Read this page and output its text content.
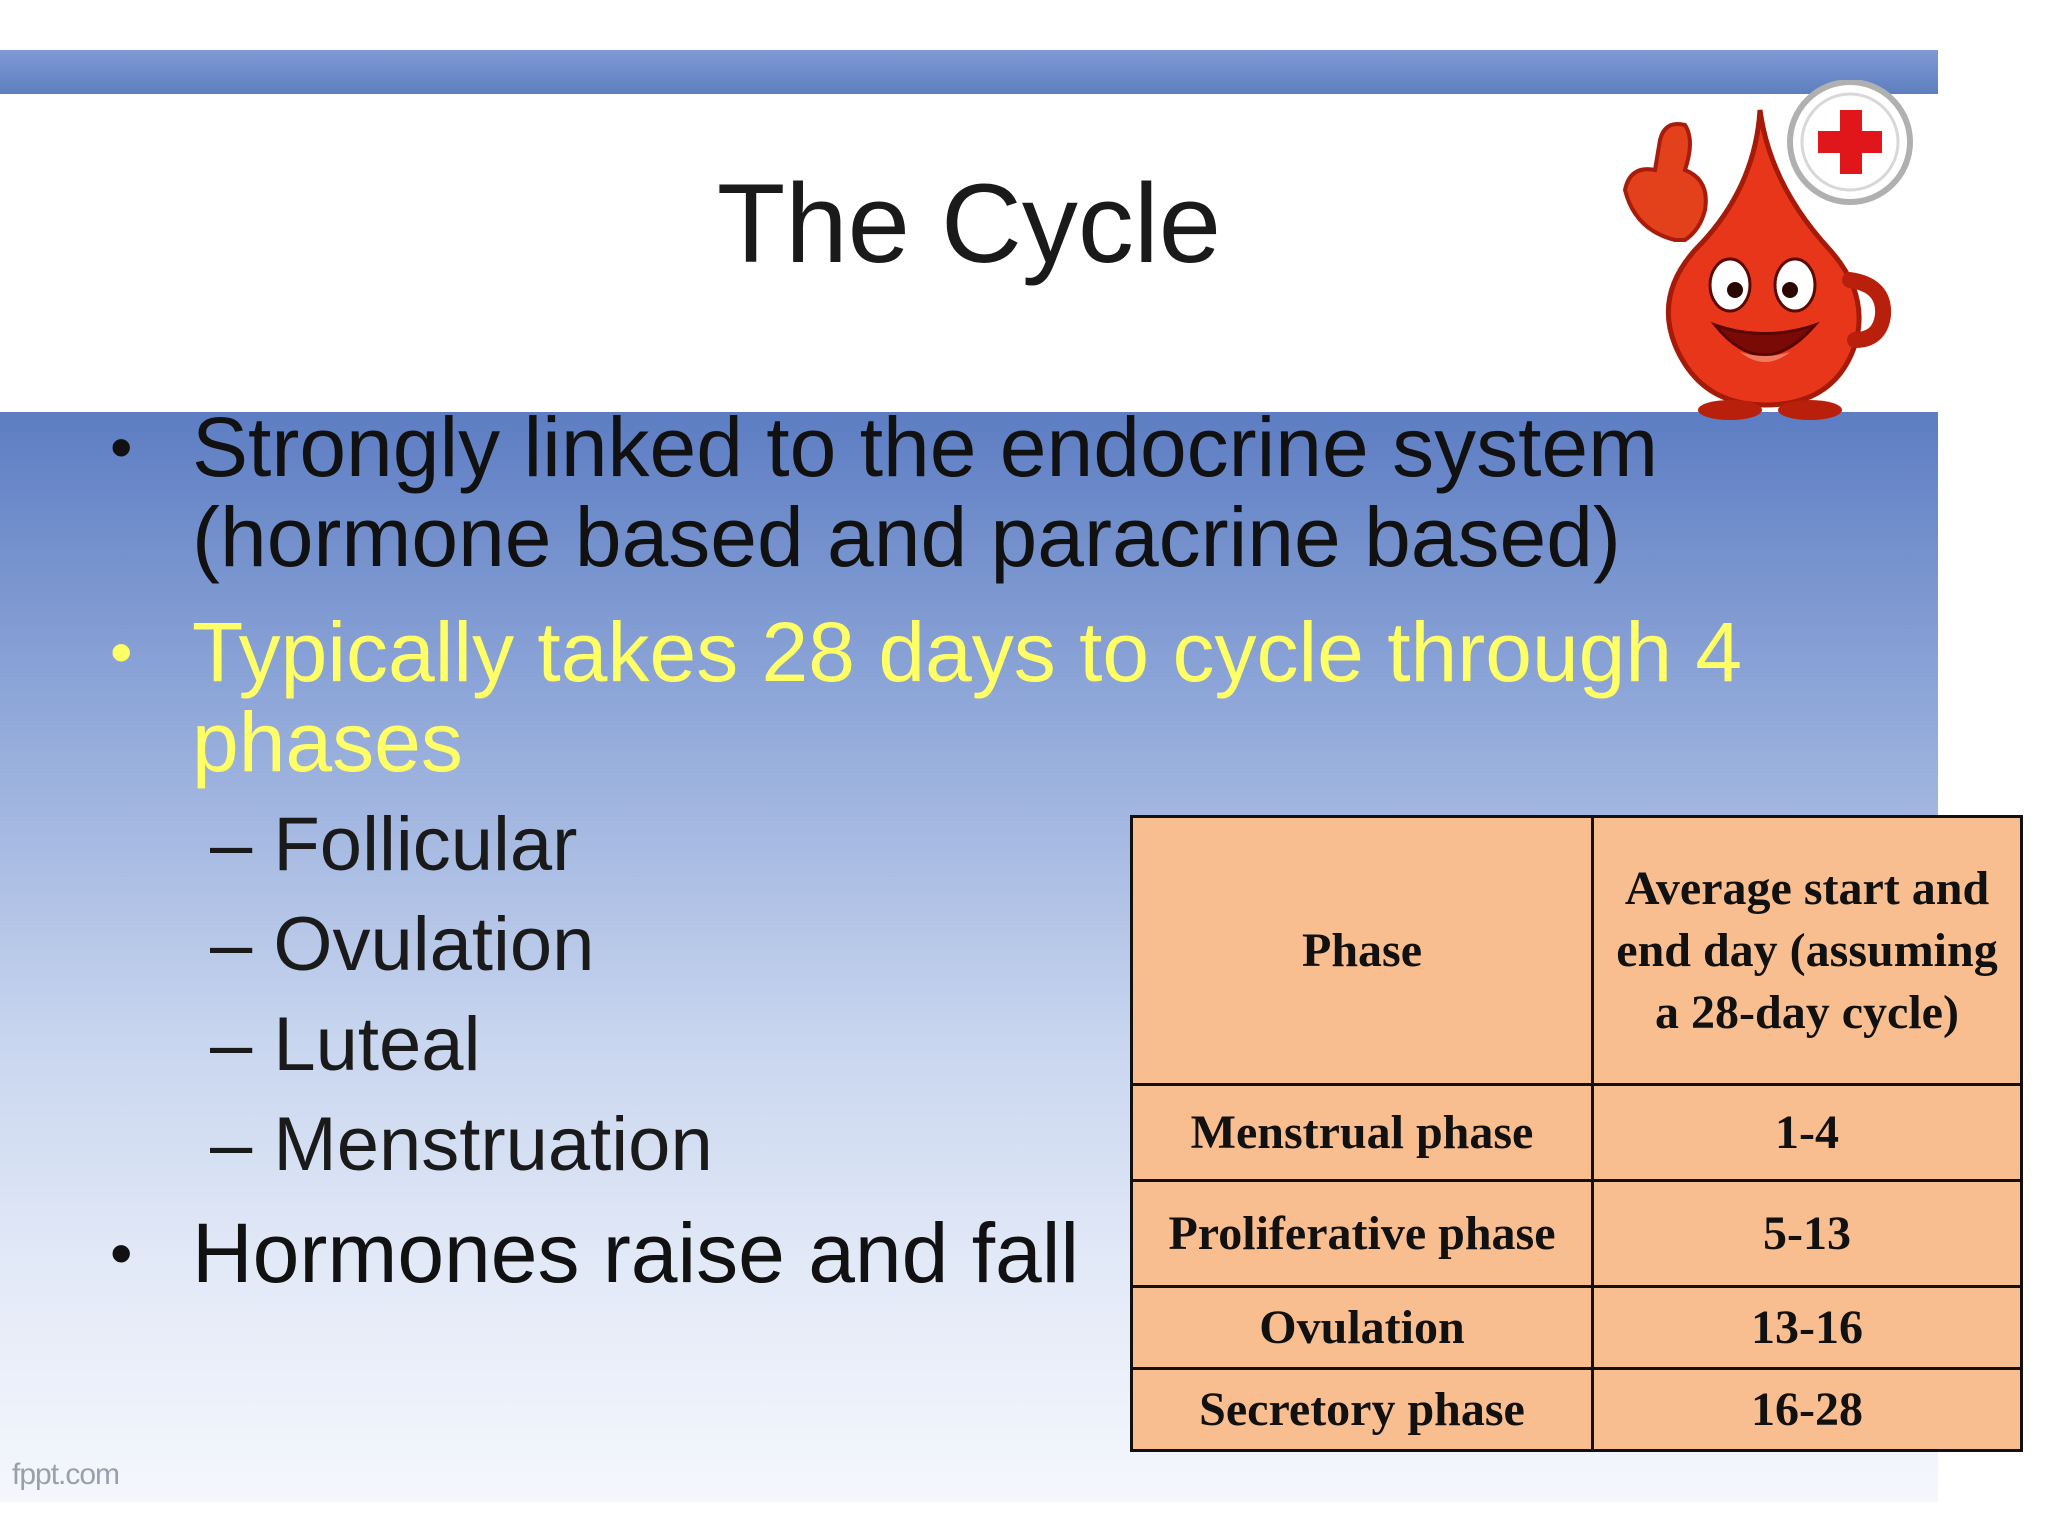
The Cycle
• Strongly linked to the endocrine system (hormone based and paracrine based)
• Typically takes 28 days to cycle through 4 phases
– Follicular
– Ovulation
– Luteal
– Menstruation
• Hormones raise and fall
Phase	Average start and end day (assuming a 28-day cycle)
Menstrual phase	1-4
Proliferative phase	5-13
Ovulation	13-16
Secretory phase	16-28
fppt.com
